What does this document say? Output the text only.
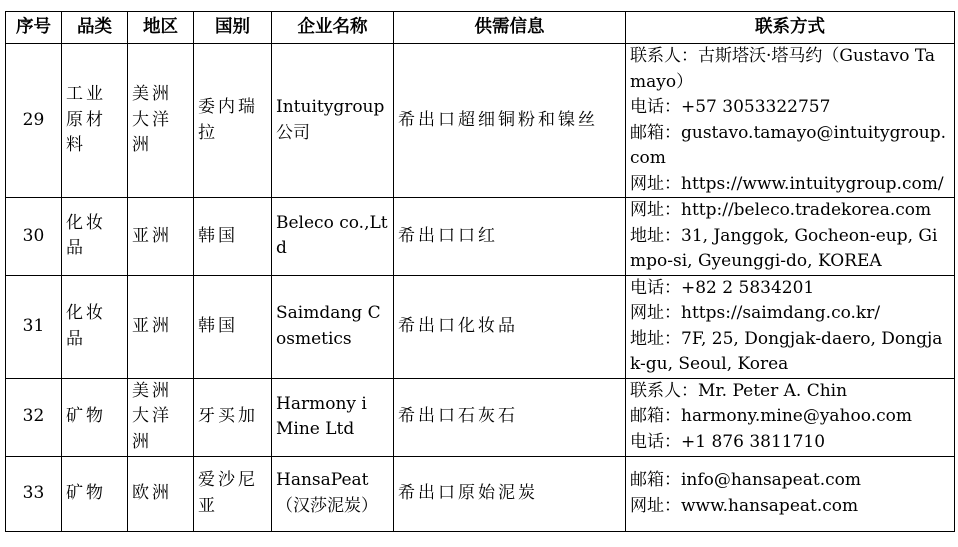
序号	品类	地区	国别	企业名称	供需信息	联系方式
29	工业原材料	美洲大洋洲	委内瑞拉	Intuitygroup公司	希出口超细铜粉和镍丝	联系人：古斯塔沃·塔马约（Gustavo Tamayo）
电话：+57 3053322757
邮箱：gustavo.tamayo@intuitygroup.com
网址：https://www.intuitygroup.com/

30	化妆品	亚洲	韩国	Beleco co.,Ltd	希出口口红	网址：http://beleco.tradekorea.com
地址：31, Janggok, Gocheon-eup, Gimpo-si, Gyeunggi-do, KOREA

31	化妆品	亚洲	韩国	Saimdang Cosmetics	希出口化妆品	电话：+82 2 5834201
网址：https://saimdang.co.kr/
地址：7F, 25, Dongjak-daero, Dongjak-gu, Seoul, Korea

32	矿物	美洲大洋洲	牙买加	Harmony i Mine Ltd	希出口石灰石	联系人：Mr. Peter A. Chin
邮箱：harmony.mine@yahoo.com
电话：+1 876 3811710

33	矿物	欧洲	爱沙尼亚	HansaPeat（汉莎泥炭）	希出口原始泥炭	邮箱：info@hansapeat.com
网址：www.hansapeat.com
